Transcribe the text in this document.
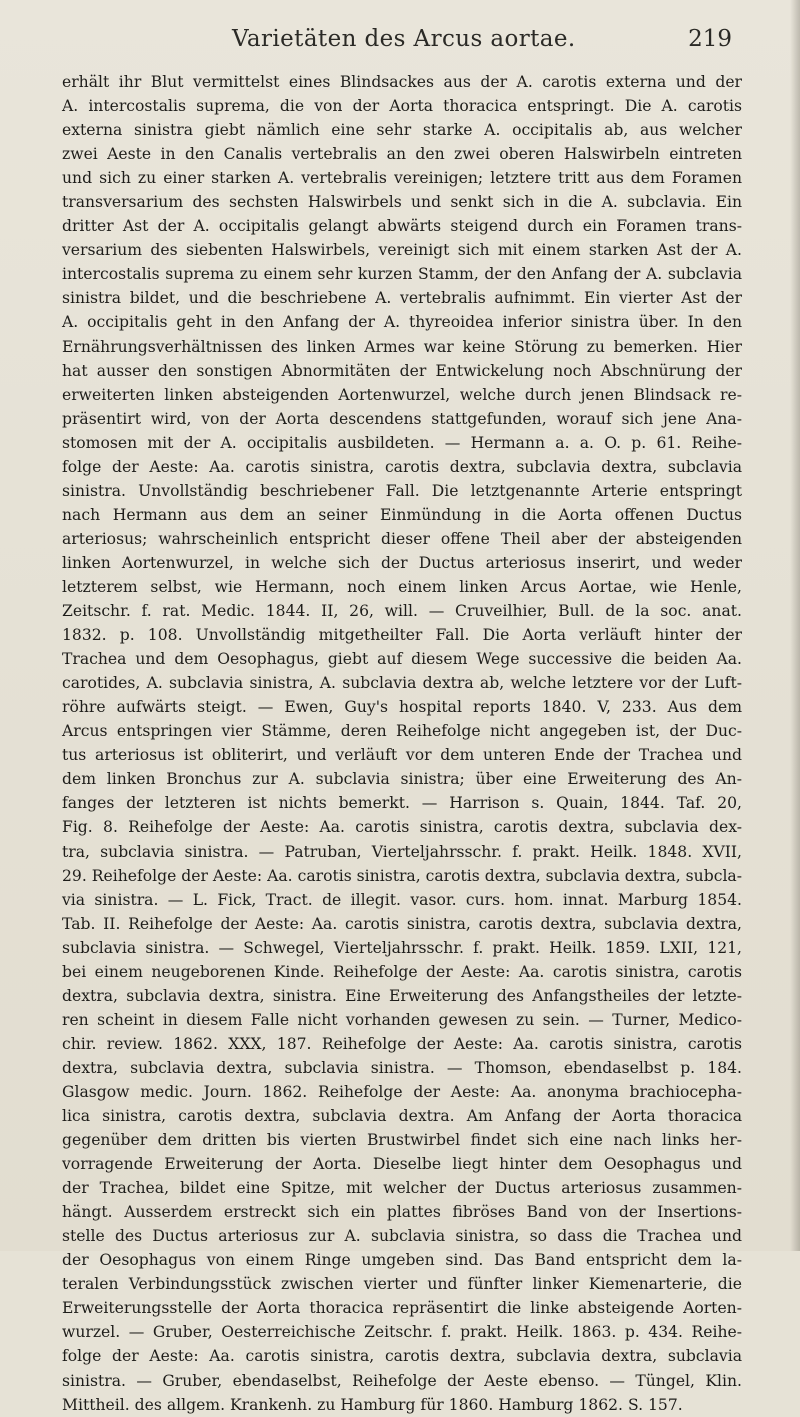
Varietäten des Arcus aortae.	219
erhält ihr Blut vermittelst eines Blindsackes aus der A. carotis externa und der
A. intercostalis suprema, die von der Aorta thoracica entspringt. Die A. carotis
externa sinistra giebt nämlich eine sehr starke A. occipitalis ab, aus welcher
zwei Aeste in den Canalis vertebralis an den zwei oberen Halswirbeln eintreten
und sich zu einer starken A. vertebralis vereinigen; letztere tritt aus dem Foramen
transversarium des sechsten Halswirbels und senkt sich in die A. subclavia. Ein
dritter Ast der A. occipitalis gelangt abwärts steigend durch ein Foramen trans-
versarium des siebenten Halswirbels, vereinigt sich mit einem starken Ast der A.
intercostalis suprema zu einem sehr kurzen Stamm, der den Anfang der A. subclavia
sinistra bildet, und die beschriebene A. vertebralis aufnimmt. Ein vierter Ast der
A. occipitalis geht in den Anfang der A. thyreoidea inferior sinistra über. In den
Ernährungsverhältnissen des linken Armes war keine Störung zu bemerken. Hier
hat ausser den sonstigen Abnormitäten der Entwickelung noch Abschnürung der
erweiterten linken absteigenden Aortenwurzel, welche durch jenen Blindsack re-
präsentirt wird, von der Aorta descendens stattgefunden, worauf sich jene Ana-
stomosen mit der A. occipitalis ausbildeten. — Hermann a. a. O. p. 61. Reihe-
folge der Aeste: Aa. carotis sinistra, carotis dextra, subclavia dextra, subclavia
sinistra. Unvollständig beschriebener Fall. Die letztgenannte Arterie entspringt
nach Hermann aus dem an seiner Einmündung in die Aorta offenen Ductus
arteriosus; wahrscheinlich entspricht dieser offene Theil aber der absteigenden
linken Aortenwurzel, in welche sich der Ductus arteriosus inserirt, und weder
letzterem selbst, wie Hermann, noch einem linken Arcus Aortae, wie Henle,
Zeitschr. f. rat. Medic. 1844. II, 26, will. — Cruveilhier, Bull. de la soc. anat.
1832. p. 108. Unvollständig mitgetheilter Fall. Die Aorta verläuft hinter der
Trachea und dem Oesophagus, giebt auf diesem Wege successive die beiden Aa.
carotides, A. subclavia sinistra, A. subclavia dextra ab, welche letztere vor der Luft-
röhre aufwärts steigt. — Ewen, Guy's hospital reports 1840. V, 233. Aus dem
Arcus entspringen vier Stämme, deren Reihefolge nicht angegeben ist, der Duc-
tus arteriosus ist obliterirt, und verläuft vor dem unteren Ende der Trachea und
dem linken Bronchus zur A. subclavia sinistra; über eine Erweiterung des An-
fanges der letzteren ist nichts bemerkt. — Harrison s. Quain, 1844. Taf. 20,
Fig. 8. Reihefolge der Aeste: Aa. carotis sinistra, carotis dextra, subclavia dex-
tra, subclavia sinistra. — Patruban, Vierteljahrsschr. f. prakt. Heilk. 1848. XVII,
29. Reihefolge der Aeste: Aa. carotis sinistra, carotis dextra, subclavia dextra, subcla-
via sinistra. — L. Fick, Tract. de illegit. vasor. curs. hom. innat. Marburg 1854.
Tab. II. Reihefolge der Aeste: Aa. carotis sinistra, carotis dextra, subclavia dextra,
subclavia sinistra. — Schwegel, Vierteljahrsschr. f. prakt. Heilk. 1859. LXII, 121,
bei einem neugeborenen Kinde. Reihefolge der Aeste: Aa. carotis sinistra, carotis
dextra, subclavia dextra, sinistra. Eine Erweiterung des Anfangstheiles der letzte-
ren scheint in diesem Falle nicht vorhanden gewesen zu sein. — Turner, Medico-
chir. review. 1862. XXX, 187. Reihefolge der Aeste: Aa. carotis sinistra, carotis
dextra, subclavia dextra, subclavia sinistra. — Thomson, ebendaselbst p. 184.
Glasgow medic. Journ. 1862. Reihefolge der Aeste: Aa. anonyma brachiocepha-
lica sinistra, carotis dextra, subclavia dextra. Am Anfang der Aorta thoracica
gegenüber dem dritten bis vierten Brustwirbel findet sich eine nach links her-
vorragende Erweiterung der Aorta. Dieselbe liegt hinter dem Oesophagus und
der Trachea, bildet eine Spitze, mit welcher der Ductus arteriosus zusammen-
hängt. Ausserdem erstreckt sich ein plattes fibröses Band von der Insertions-
stelle des Ductus arteriosus zur A. subclavia sinistra, so dass die Trachea und
der Oesophagus von einem Ringe umgeben sind. Das Band entspricht dem la-
teralen Verbindungsstück zwischen vierter und fünfter linker Kiemenarterie, die
Erweiterungsstelle der Aorta thoracica repräsentirt die linke absteigende Aorten-
wurzel. — Gruber, Oesterreichische Zeitschr. f. prakt. Heilk. 1863. p. 434. Reihe-
folge der Aeste: Aa. carotis sinistra, carotis dextra, subclavia dextra, subclavia
sinistra. — Gruber, ebendaselbst, Reihefolge der Aeste ebenso. — Tüngel, Klin.
Mittheil. des allgem. Krankenh. zu Hamburg für 1860. Hamburg 1862. S. 157.
